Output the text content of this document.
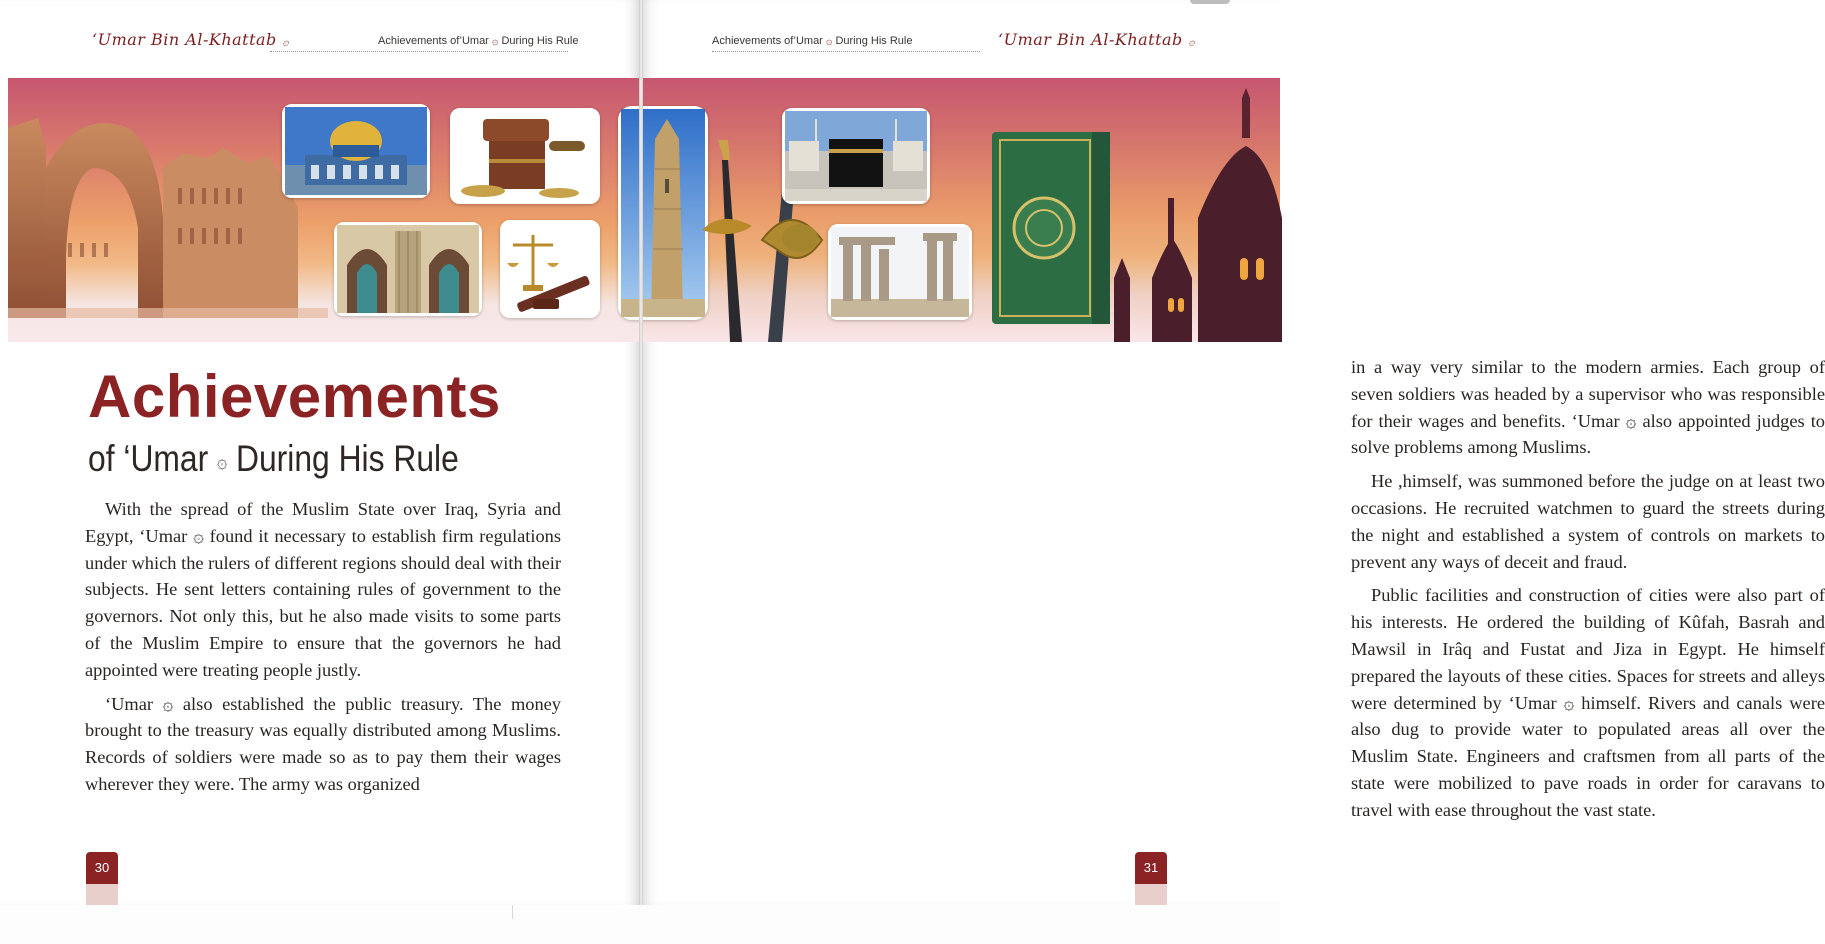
‘Umar Bin Al-Khattab ۞	Achievements of’Umar ۞ During His Rule
Achievements
of ‘Umar ۞ During His Rule

With the spread of the Muslim State over Iraq, Syria and Egypt, ‘Umar ۞ found it necessary to establish firm regulations under which the rulers of different regions should deal with their subjects. He sent letters containing rules of government to the governors. Not only this, but he also made visits to some parts of the Muslim Empire to ensure that the governors he had appointed were treating people justly.

‘Umar ۞ also established the public treasury. The money brought to the treasury was equally distributed among Muslims. Records of soldiers were made so as to pay them their wages wherever they were. The army was organized

30
Achievements of’Umar ۞ During His Rule	‘Umar Bin Al-Khattab ۞

in a way very similar to the modern armies. Each group of seven soldiers was headed by a supervisor who was responsible for their wages and benefits. ‘Umar ۞ also appointed judges to solve problems among Muslims.

He ,himself, was summoned before the judge on at least two occasions. He recruited watchmen to guard the streets during the night and established a system of controls on markets to prevent any ways of deceit and fraud.

Public facilities and construction of cities were also part of his interests. He ordered the building of Kûfah, Basrah and Mawsil in Irâq and Fustat and Jiza in Egypt. He himself prepared the layouts of these cities. Spaces for streets and alleys were determined by ‘Umar ۞ himself. Rivers and canals were also dug to provide water to populated areas all over the Muslim State. Engineers and craftsmen from all parts of the state were mobilized to pave roads in order for caravans to travel with ease throughout the vast state.

31
